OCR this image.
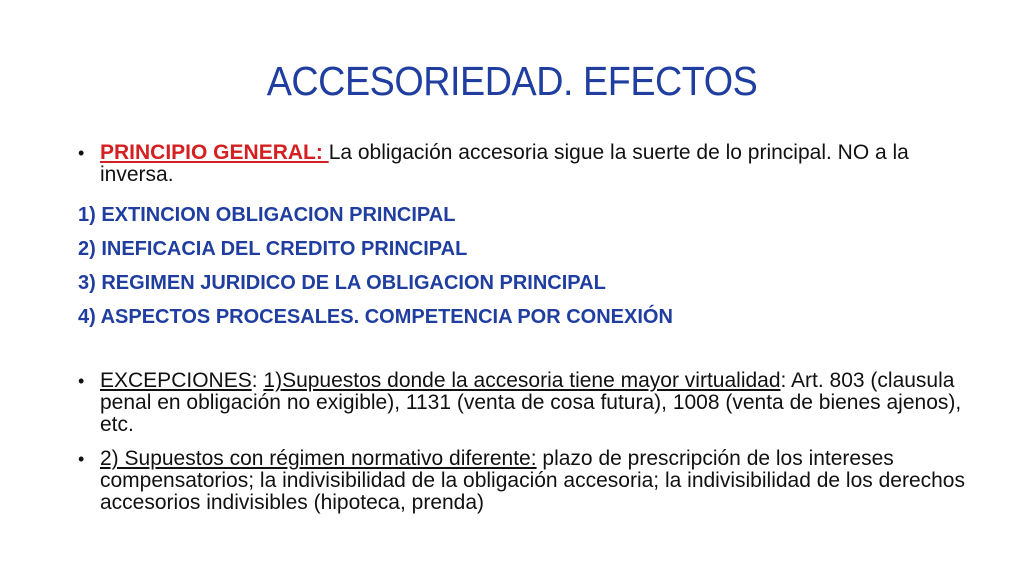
ACCESORIEDAD. EFECTOS
• PRINCIPIO GENERAL: La obligación accesoria sigue la suerte de lo principal. NO a la inversa.
1) EXTINCION OBLIGACION PRINCIPAL
2) INEFICACIA DEL CREDITO PRINCIPAL
3) REGIMEN JURIDICO DE LA OBLIGACION PRINCIPAL
4) ASPECTOS PROCESALES. COMPETENCIA POR CONEXIÓN
• EXCEPCIONES: 1)Supuestos donde la accesoria tiene mayor virtualidad: Art. 803 (clausula penal en obligación no exigible), 1131 (venta de cosa futura), 1008 (venta de bienes ajenos), etc.
• 2) Supuestos con régimen normativo diferente: plazo de prescripción de los intereses compensatorios; la indivisibilidad de la obligación accesoria; la indivisibilidad de los derechos accesorios indivisibles (hipoteca, prenda)
